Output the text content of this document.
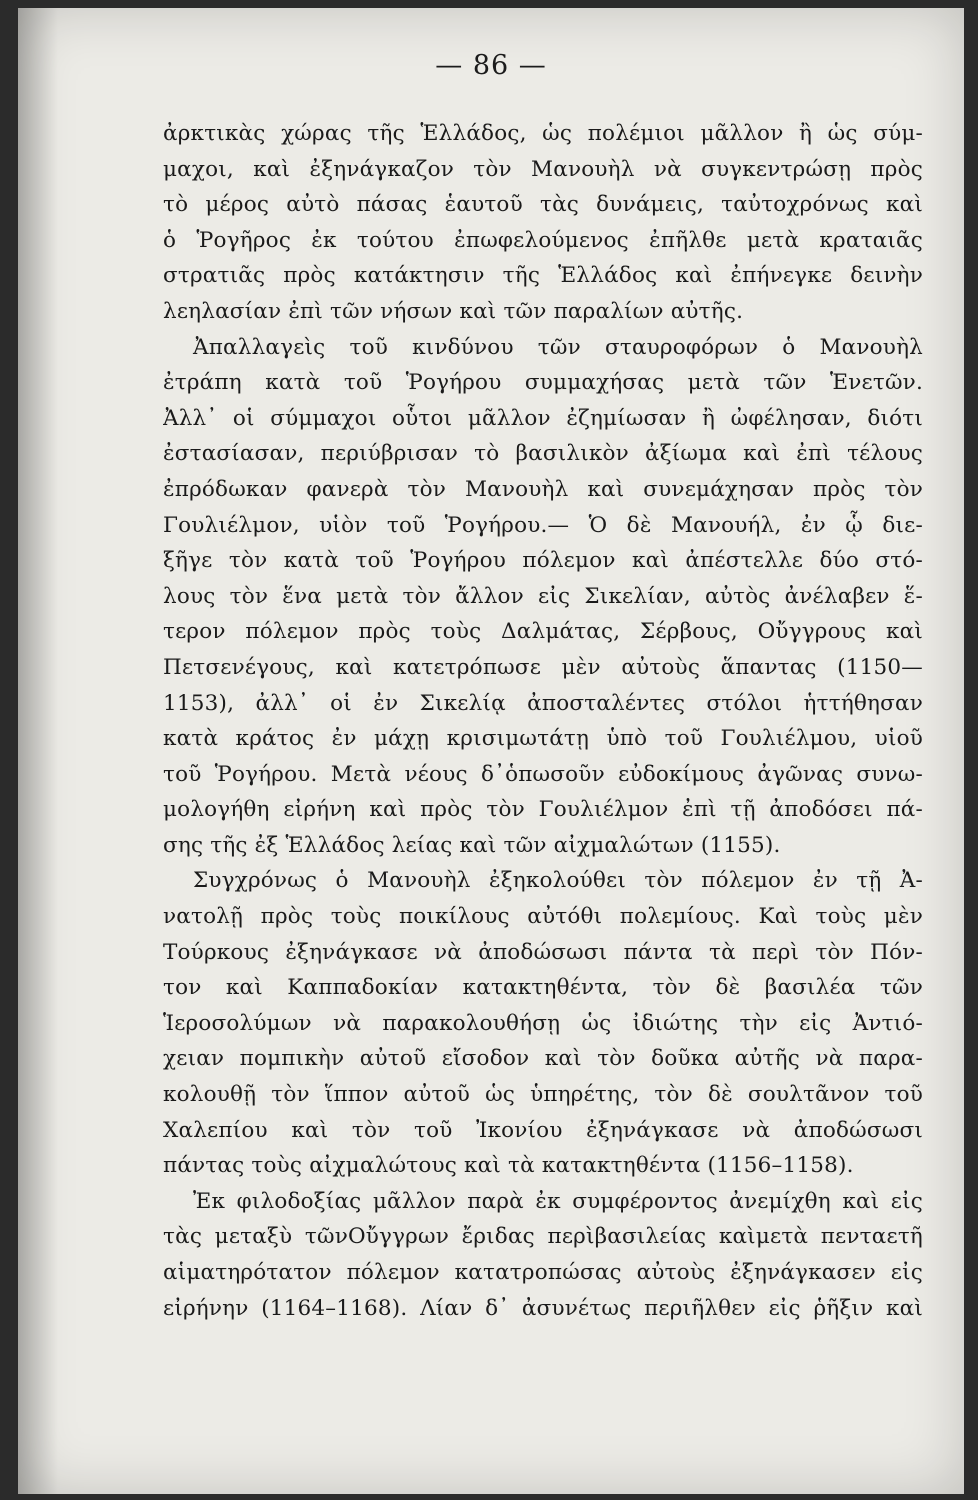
— 86 —
ἀρκτικὰς χώρας τῆς Ἑλλάδος, ὡς πολέμιοι μᾶλλον ἢ ὡς σύμ-
μαχοι, καὶ ἐξηνάγκαζον τὸν Μανουὴλ νὰ συγκεντρώσῃ πρὸς
τὸ μέρος αὐτὸ πάσας ἑαυτοῦ τὰς δυνάμεις, ταὐτοχρόνως καὶ
ὁ Ῥογῆρος ἐκ τούτου ἐπωφελούμενος ἐπῆλθε μετὰ κραταιᾶς
στρατιᾶς πρὸς κατάκτησιν τῆς Ἑλλάδος καὶ ἐπήνεγκε δεινὴν
λεηλασίαν ἐπὶ τῶν νήσων καὶ τῶν παραλίων αὐτῆς.
Ἀπαλλαγεὶς τοῦ κινδύνου τῶν σταυροφόρων ὁ Μανουὴλ
ἐτράπη κατὰ τοῦ Ῥογήρου συμμαχήσας μετὰ τῶν Ἑνετῶν.
Ἀλλ᾽ οἱ σύμμαχοι οὗτοι μᾶλλον ἐζημίωσαν ἢ ὠφέλησαν, διότι
ἐστασίασαν, περιύβρισαν τὸ βασιλικὸν ἀξίωμα καὶ ἐπὶ τέλους
ἐπρόδωκαν φανερὰ τὸν Μανουὴλ καὶ συνεμάχησαν πρὸς τὸν
Γουλιέλμον, υἱὸν τοῦ Ῥογήρου.— Ὁ δὲ Μανουήλ, ἐν ᾧ διε-
ξῆγε τὸν κατὰ τοῦ Ῥογήρου πόλεμον καὶ ἀπέστελλε δύο στό-
λους τὸν ἕνα μετὰ τὸν ἄλλον εἰς Σικελίαν, αὐτὸς ἀνέλαβεν ἕ-
τερον πόλεμον πρὸς τοὺς Δαλμάτας, Σέρβους, Οὔγγρους καὶ
Πετσενέγους, καὶ κατετρόπωσε μὲν αὐτοὺς ἅπαντας (1150—
1153), ἀλλ᾽ οἱ ἐν Σικελίᾳ ἀποσταλέντες στόλοι ἡττήθησαν
κατὰ κράτος ἐν μάχῃ κρισιμωτάτῃ ὑπὸ τοῦ Γουλιέλμου, υἱοῦ
τοῦ Ῥογήρου. Μετὰ νέους δ᾽ὁπωσοῦν εὐδοκίμους ἀγῶνας συνω-
μολογήθη εἰρήνη καὶ πρὸς τὸν Γουλιέλμον ἐπὶ τῇ ἀποδόσει πά-
σης τῆς ἐξ Ἑλλάδος λείας καὶ τῶν αἰχμαλώτων (1155).
Συγχρόνως ὁ Μανουὴλ ἐξηκολούθει τὸν πόλεμον ἐν τῇ Ἀ-
νατολῇ πρὸς τοὺς ποικίλους αὐτόθι πολεμίους. Καὶ τοὺς μὲν
Τούρκους ἐξηνάγκασε νὰ ἀποδώσωσι πάντα τὰ περὶ τὸν Πόν-
τον καὶ Καππαδοκίαν κατακτηθέντα, τὸν δὲ βασιλέα τῶν
Ἱεροσολύμων νὰ παρακολουθήσῃ ὡς ἰδιώτης τὴν εἰς Ἀντιό-
χειαν πομπικὴν αὐτοῦ εἴσοδον καὶ τὸν δοῦκα αὐτῆς νὰ παρα-
κολουθῇ τὸν ἵππον αὐτοῦ ὡς ὑπηρέτης, τὸν δὲ σουλτᾶνον τοῦ
Χαλεπίου καὶ τὸν τοῦ Ἰκονίου ἐξηνάγκασε νὰ ἀποδώσωσι
πάντας τοὺς αἰχμαλώτους καὶ τὰ κατακτηθέντα (1156–1158).
Ἐκ φιλοδοξίας μᾶλλον παρὰ ἐκ συμφέροντος ἀνεμίχθη καὶ εἰς
τὰς μεταξὺ τῶνΟὔγγρων ἔριδας περὶβασιλείας καὶμετὰ πενταετῆ
αἱματηρότατον πόλεμον κατατροπώσας αὐτοὺς ἐξηνάγκασεν εἰς
εἰρήνην (1164–1168). Λίαν δ᾽ ἀσυνέτως περιῆλθεν εἰς ῥῆξιν καὶ
